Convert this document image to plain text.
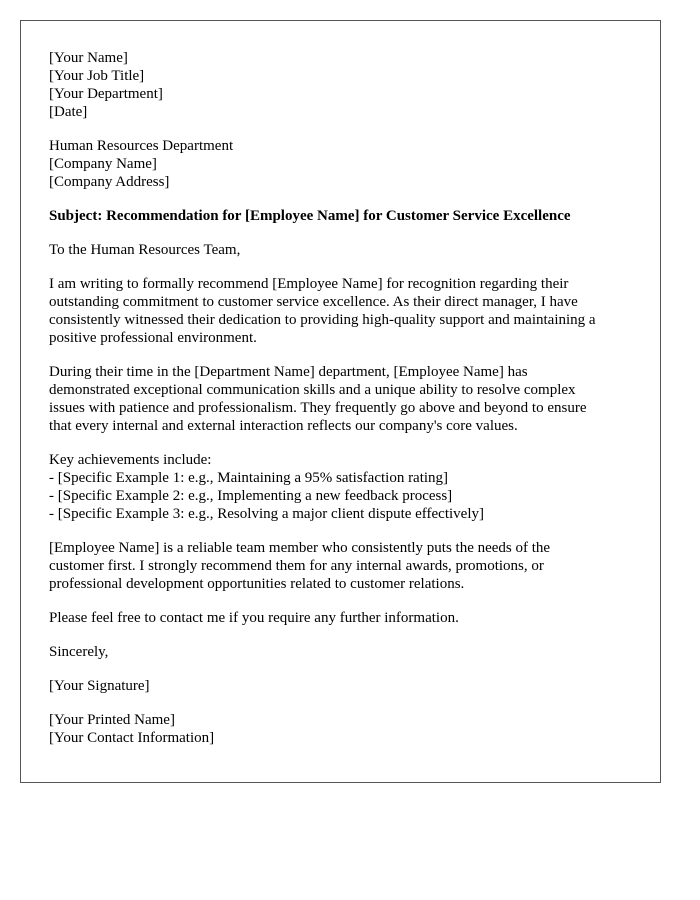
[Your Name]
[Your Job Title]
[Your Department]
[Date]
Human Resources Department
[Company Name]
[Company Address]
Subject: Recommendation for [Employee Name] for Customer Service Excellence
To the Human Resources Team,
I am writing to formally recommend [Employee Name] for recognition regarding their
outstanding commitment to customer service excellence. As their direct manager, I have
consistently witnessed their dedication to providing high-quality support and maintaining a
positive professional environment.
During their time in the [Department Name] department, [Employee Name] has
demonstrated exceptional communication skills and a unique ability to resolve complex
issues with patience and professionalism. They frequently go above and beyond to ensure
that every internal and external interaction reflects our company's core values.
Key achievements include:
- [Specific Example 1: e.g., Maintaining a 95% satisfaction rating]
- [Specific Example 2: e.g., Implementing a new feedback process]
- [Specific Example 3: e.g., Resolving a major client dispute effectively]
[Employee Name] is a reliable team member who consistently puts the needs of the
customer first. I strongly recommend them for any internal awards, promotions, or
professional development opportunities related to customer relations.
Please feel free to contact me if you require any further information.
Sincerely,
[Your Signature]
[Your Printed Name]
[Your Contact Information]
